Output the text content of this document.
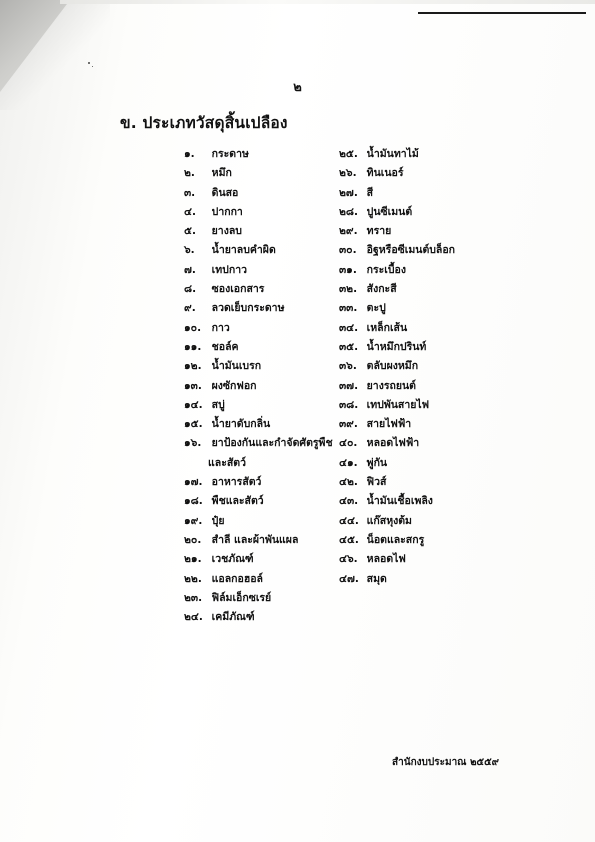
๒
ข. ประเภทวัสดุสิ้นเปลือง
๑. กระดาษ
๒. หมึก
๓. ดินสอ
๔. ปากกา
๕. ยางลบ
๖. น้ำยาลบคำผิด
๗. เทปกาว
๘. ซองเอกสาร
๙. ลวดเย็บกระดาษ
๑๐. กาว
๑๑. ชอล์ค
๑๒. น้ำมันเบรก
๑๓. ผงซักฟอก
๑๔. สบู่
๑๕. น้ำยาดับกลิ่น
๑๖. ยาป้องกันและกำจัดศัตรูพืช
และสัตว์
๑๗. อาหารสัตว์
๑๘. พืชและสัตว์
๑๙. ปุ๋ย
๒๐. สำลี และผ้าพันแผล
๒๑. เวชภัณฑ์
๒๒. แอลกอฮอล์
๒๓. ฟิล์มเอ็กซเรย์
๒๔. เคมีภัณฑ์
๒๕. น้ำมันทาไม้
๒๖. ทินเนอร์
๒๗. สี
๒๘. ปูนซีเมนต์
๒๙. ทราย
๓๐. อิฐหรือซีเมนต์บล็อก
๓๑. กระเบื้อง
๓๒. สังกะสี
๓๓. ตะปู
๓๔. เหล็กเส้น
๓๕. น้ำหมึกปรินท์
๓๖. ตลับผงหมึก
๓๗. ยางรถยนต์
๓๘. เทปพันสายไฟ
๓๙. สายไฟฟ้า
๔๐. หลอดไฟฟ้า
๔๑. พู่กัน
๔๒. ฟิวส์
๔๓. น้ำมันเชื้อเพลิง
๔๔. แก๊สหุงต้ม
๔๕. น็อตและสกรู
๔๖. หลอดไฟ
๔๗. สมุด
สำนักงบประมาณ ๒๕๕๙
